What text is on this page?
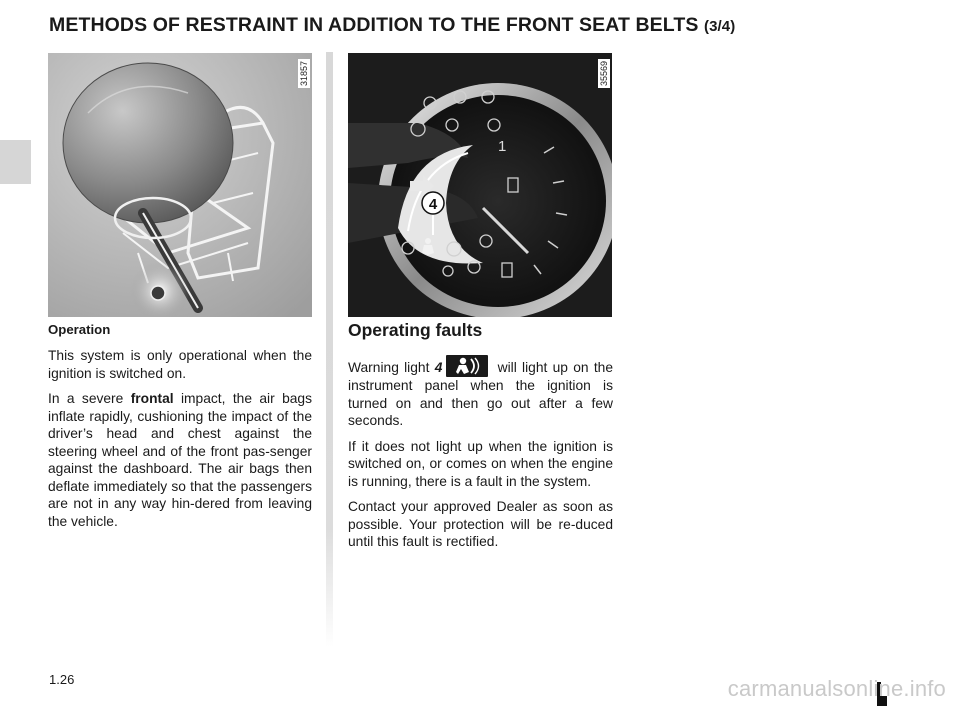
METHODS OF RESTRAINT IN ADDITION TO THE FRONT SEAT BELTS (3/4)
31857
1
4
35569
Operation

This system is only operational when the ignition is switched on.

In a severe frontal impact, the air bags inflate rapidly, cushioning the impact of the driver’s head and chest against the steering wheel and of the front pas-senger against the dashboard. The air bags then deflate immediately so that the passengers are not in any way hin-dered from leaving the vehicle.

Operating faults

Warning light 4	will light up on the instrument panel when the ignition is turned on and then go out after a few seconds.

If it does not light up when the ignition is switched on, or comes on when the engine is running, there is a fault in the system.

Contact your approved Dealer as soon as possible. Your protection will be re-duced until this fault is rectified.

1.26	carmanualsonline.info
